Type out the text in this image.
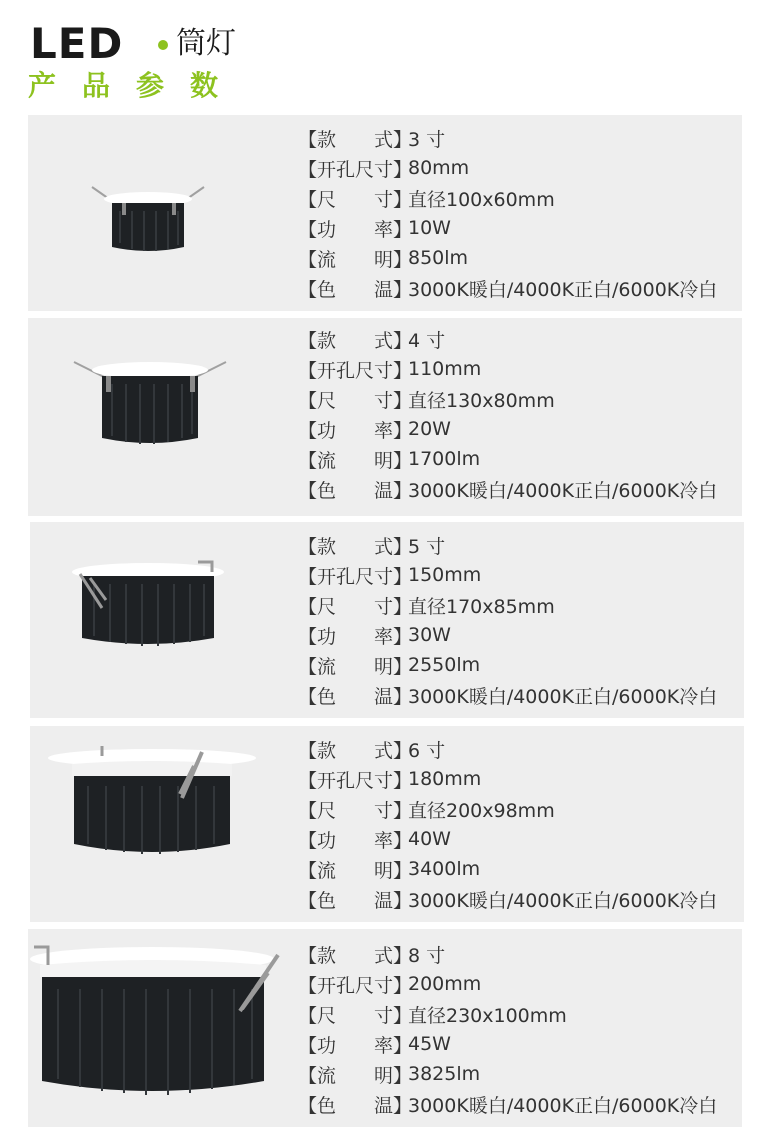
LED 筒灯
产品参数
【款　　式】
3 寸
【开孔尺寸】
80mm
【尺　　寸】
直径100x60mm
【功　　率】
10W
【流　　明】
850lm
【色　　温】
3000K暖白/4000K正白/6000K冷白
【款　　式】
4 寸
【开孔尺寸】
110mm
【尺　　寸】
直径130x80mm
【功　　率】
20W
【流　　明】
1700lm
【色　　温】
3000K暖白/4000K正白/6000K冷白
【款　　式】
5 寸
【开孔尺寸】
150mm
【尺　　寸】
直径170x85mm
【功　　率】
30W
【流　　明】
2550lm
【色　　温】
3000K暖白/4000K正白/6000K冷白
【款　　式】
6 寸
【开孔尺寸】
180mm
【尺　　寸】
直径200x98mm
【功　　率】
40W
【流　　明】
3400lm
【色　　温】
3000K暖白/4000K正白/6000K冷白
【款　　式】
8 寸
【开孔尺寸】
200mm
【尺　　寸】
直径230x100mm
【功　　率】
45W
【流　　明】
3825lm
【色　　温】
3000K暖白/4000K正白/6000K冷白
